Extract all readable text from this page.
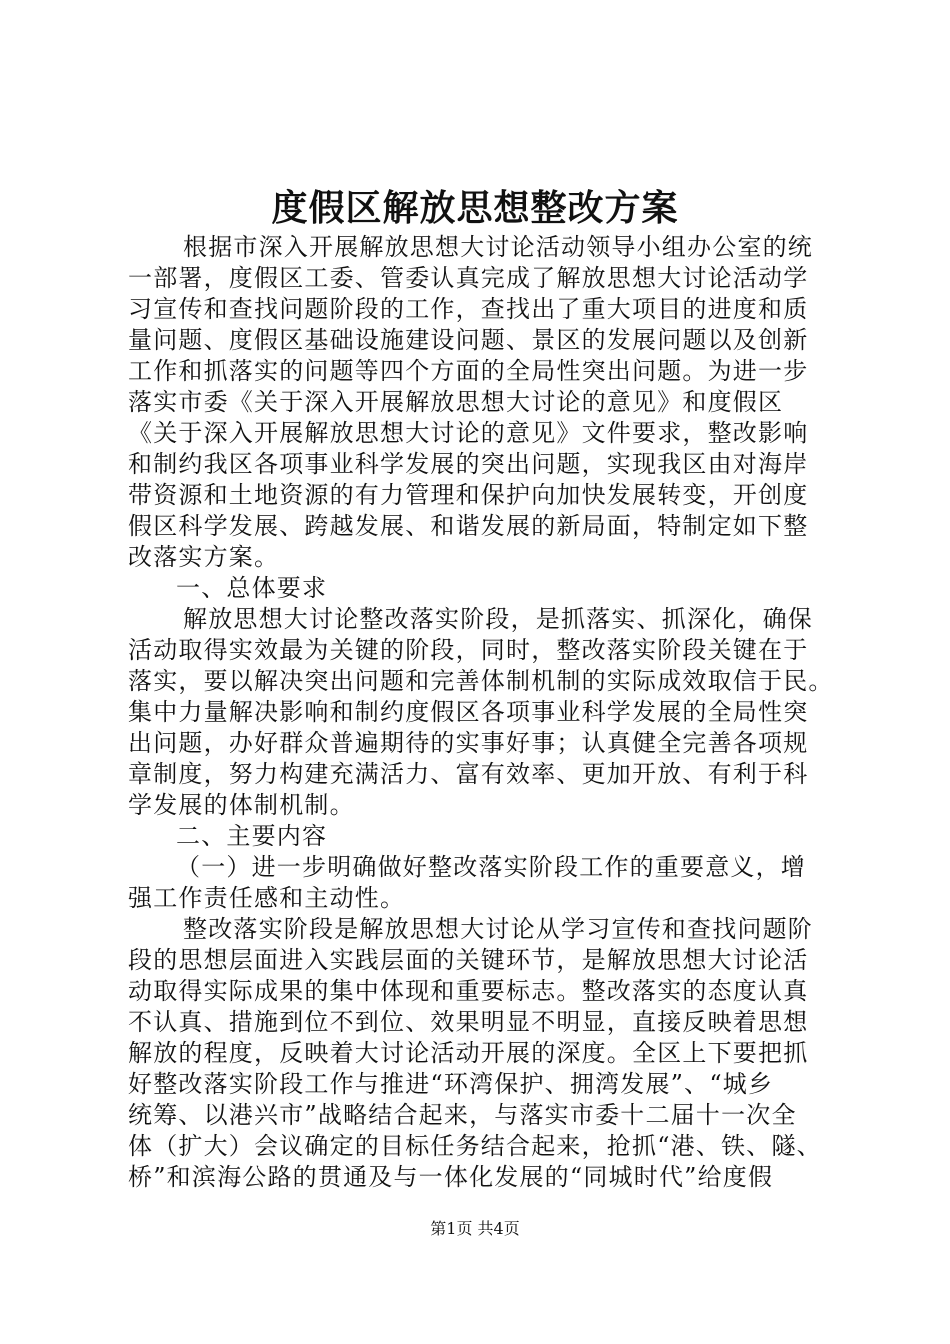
度假区解放思想整改方案
根据市深入开展解放思想大讨论活动领导小组办公室的统
一部署，度假区工委、管委认真完成了解放思想大讨论活动学
习宣传和查找问题阶段的工作，查找出了重大项目的进度和质
量问题、度假区基础设施建设问题、景区的发展问题以及创新
工作和抓落实的问题等四个方面的全局性突出问题。为进一步
落实市委《关于深入开展解放思想大讨论的意见》和度假区
《关于深入开展解放思想大讨论的意见》文件要求，整改影响
和制约我区各项事业科学发展的突出问题，实现我区由对海岸
带资源和土地资源的有力管理和保护向加快发展转变，开创度
假区科学发展、跨越发展、和谐发展的新局面，特制定如下整
改落实方案。
一、总体要求
解放思想大讨论整改落实阶段，是抓落实、抓深化，确保
活动取得实效最为关键的阶段，同时，整改落实阶段关键在于
落实，要以解决突出问题和完善体制机制的实际成效取信于民。
集中力量解决影响和制约度假区各项事业科学发展的全局性突
出问题，办好群众普遍期待的实事好事；认真健全完善各项规
章制度，努力构建充满活力、富有效率、更加开放、有利于科
学发展的体制机制。
二、主要内容
（一）进一步明确做好整改落实阶段工作的重要意义，增
强工作责任感和主动性。
整改落实阶段是解放思想大讨论从学习宣传和查找问题阶
段的思想层面进入实践层面的关键环节，是解放思想大讨论活
动取得实际成果的集中体现和重要标志。整改落实的态度认真
不认真、措施到位不到位、效果明显不明显，直接反映着思想
解放的程度，反映着大讨论活动开展的深度。全区上下要把抓
好整改落实阶段工作与推进“环湾保护、拥湾发展”、“城乡
统筹、以港兴市”战略结合起来，与落实市委十二届十一次全
体（扩大）会议确定的目标任务结合起来，抢抓“港、铁、隧、
桥”和滨海公路的贯通及与一体化发展的“同城时代”给度假
第1页 共4页
